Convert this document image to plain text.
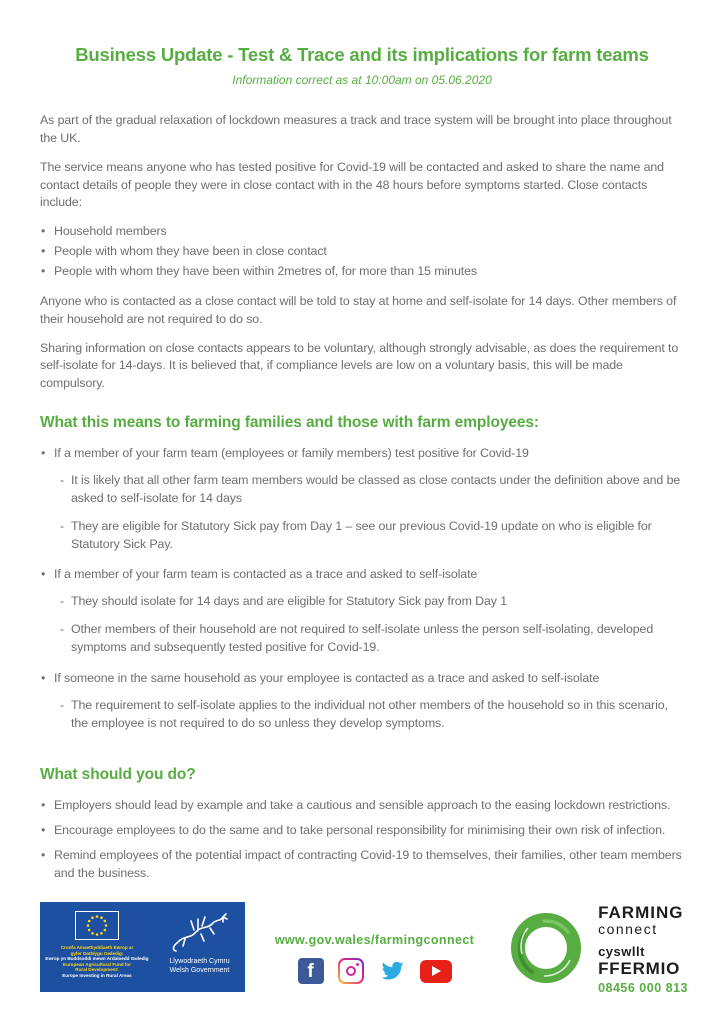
Business Update - Test & Trace and its implications for farm teams

Information correct as at 10:00am on 05.06.2020

As part of the gradual relaxation of lockdown measures a track and trace system will be brought into place throughout the UK.

The service means anyone who has tested positive for Covid-19 will be contacted and asked to share the name and contact details of people they were in close contact with in the 48 hours before symptoms started. Close contacts include:

• Household members
• People with whom they have been in close contact
• People with whom they have been within 2metres of, for more than 15 minutes

Anyone who is contacted as a close contact will be told to stay at home and self-isolate for 14 days. Other members of their household are not required to do so.

Sharing information on close contacts appears to be voluntary, although strongly advisable, as does the requirement to self-isolate for 14-days. It is believed that, if compliance levels are low on a voluntary basis, this will be made compulsory.

What this means to farming families and those with farm employees:
• If a member of your farm team (employees or family members) test positive for Covid-19
- It is likely that all other farm team members would be classed as close contacts under the definition above and be asked to self-isolate for 14 days
- They are eligible for Statutory Sick pay from Day 1 – see our previous Covid-19 update on who is eligible for Statutory Sick Pay.
• If a member of your farm team is contacted as a trace and asked to self-isolate
- They should isolate for 14 days and are eligible for Statutory Sick pay from Day 1
- Other members of their household are not required to self-isolate unless the person self-isolating, developed symptoms and subsequently tested positive for Covid-19.
• If someone in the same household as your employee is contacted as a trace and asked to self-isolate
- The requirement to self-isolate applies to the individual not other members of the household so in this scenario, the employee is not required to do so unless they develop symptoms.
What should you do?
• Employers should lead by example and take a cautious and sensible approach to the easing lockdown restrictions.
• Encourage employees to do the same and to take personal responsibility for minimising their own risk of infection.
• Remind employees of the potential impact of contracting Covid-19 to themselves, their families, other team members and the business.
Cronfa Amaethyddiaeth Ewrop ar
gyfer Datblygu Gwledig:
Ewrop yn Buddsoddi mewn Ardaloedd Gwledig
European Agricultural Fund for
Rural Development:
Europe Investing in Rural Areas
Llywodraeth Cymru
Welsh Government
www.gov.wales/farmingconnect
f
FARMING
connect
cyswllt
FFERMIO
08456 000 813
